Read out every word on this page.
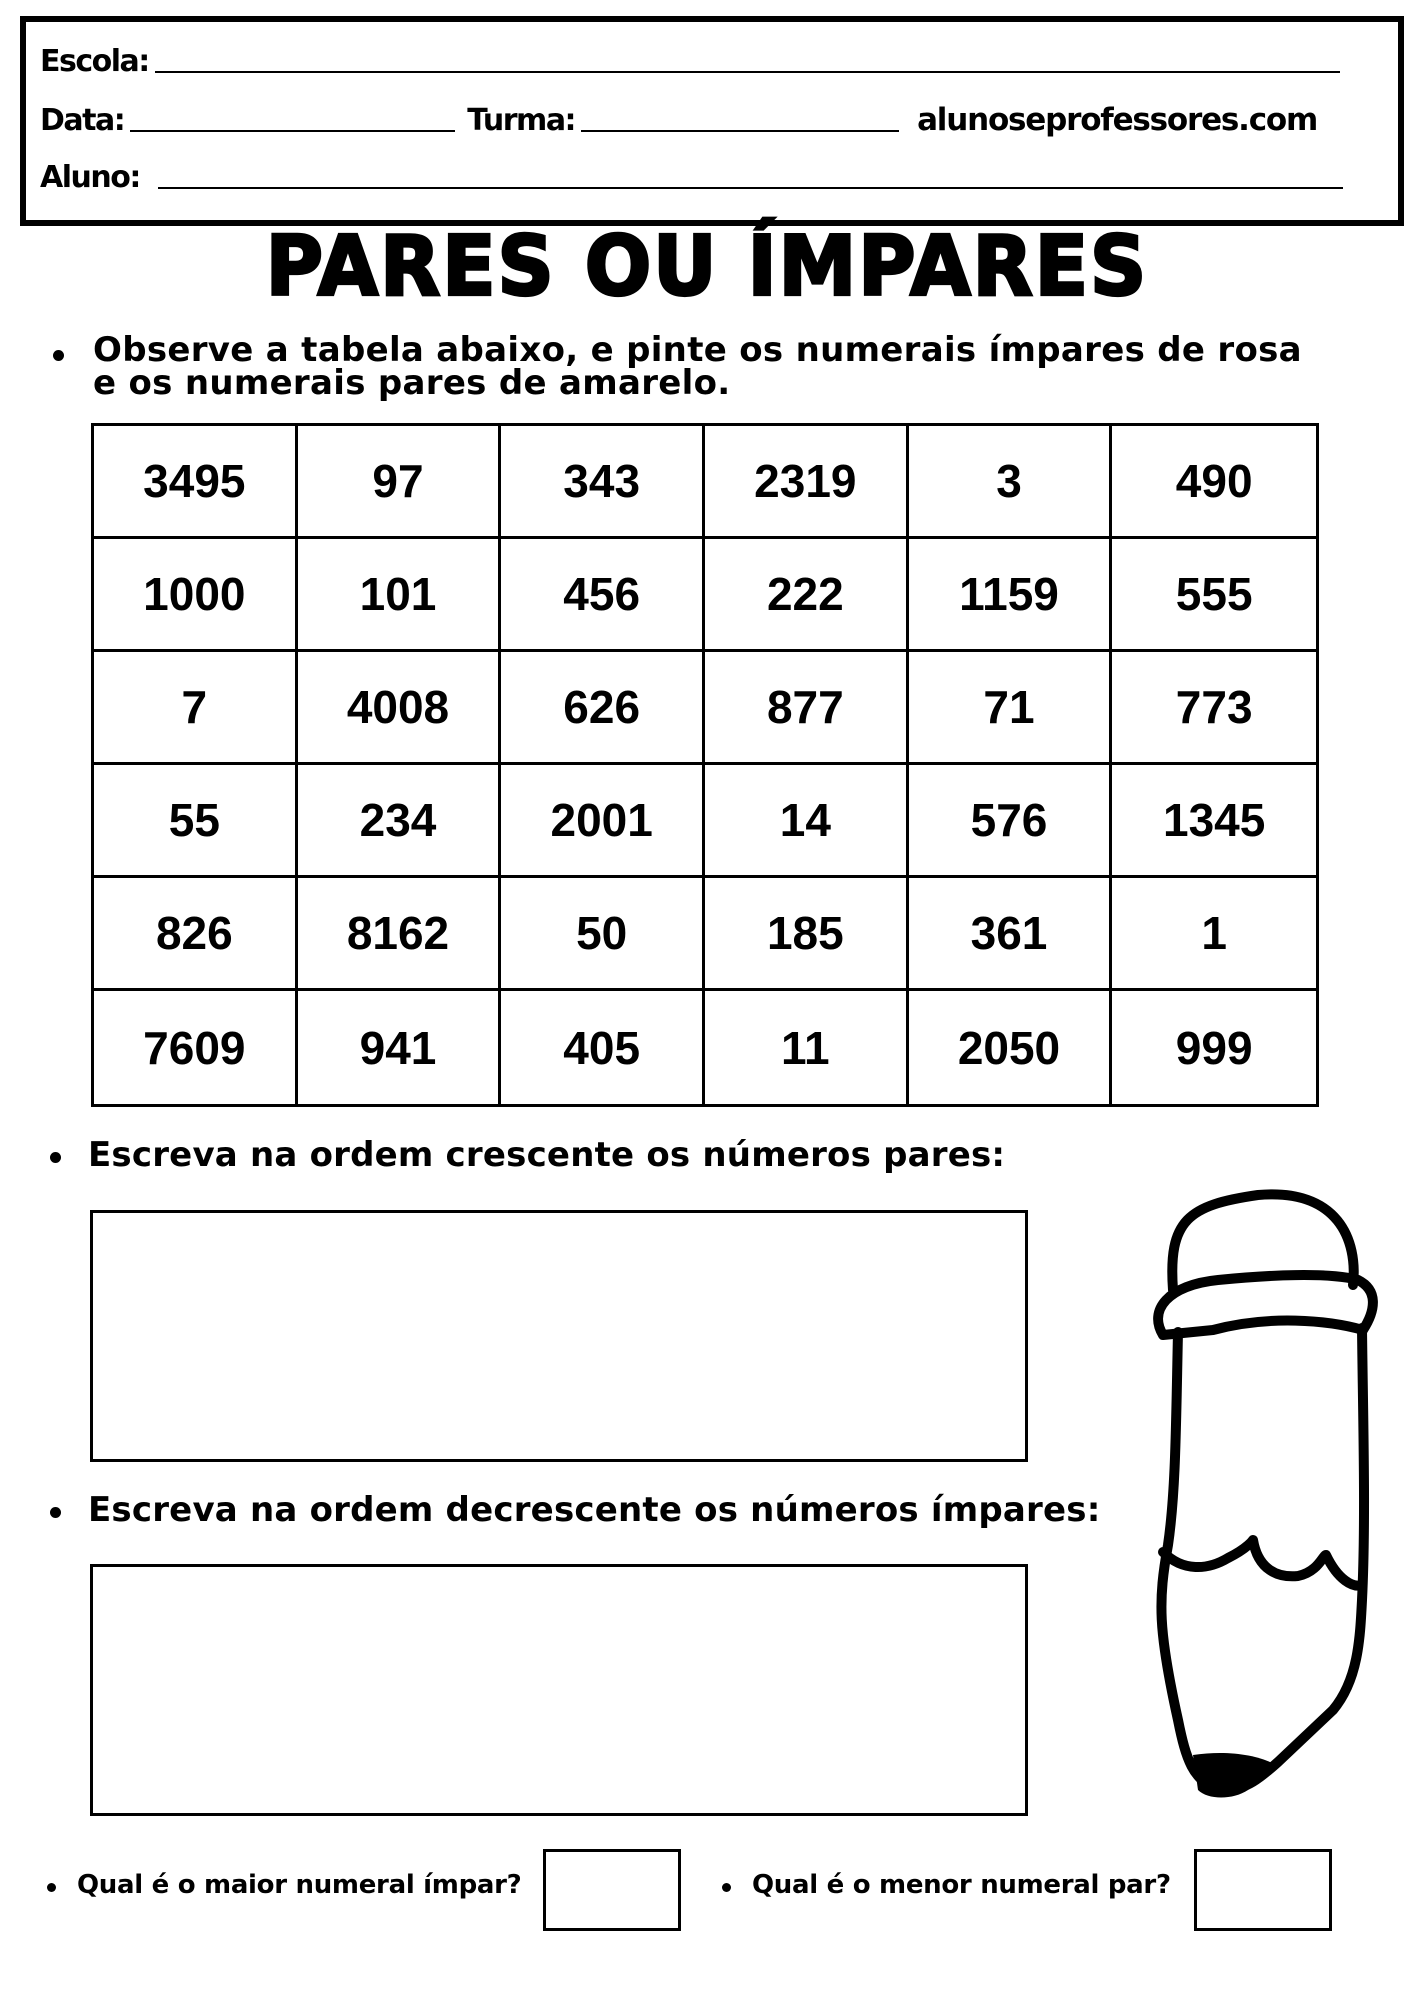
Escola:
Data:	Turma:	alunoseprofessores.com
Aluno:
PARES OU ÍMPARES
Observe a tabela abaixo, e pinte os numerais ímpares de rosa
e os numerais pares de amarelo.
3495	97	343	2319	3	490
1000	101	456	222	1159	555
7	4008	626	877	71	773
55	234	2001	14	576	1345
826	8162	50	185	361	1
7609	941	405	11	2050	999
Escreva na ordem crescente os números pares:
Escreva na ordem decrescente os números ímpares:
Qual é o maior numeral ímpar?	Qual é o menor numeral par?
